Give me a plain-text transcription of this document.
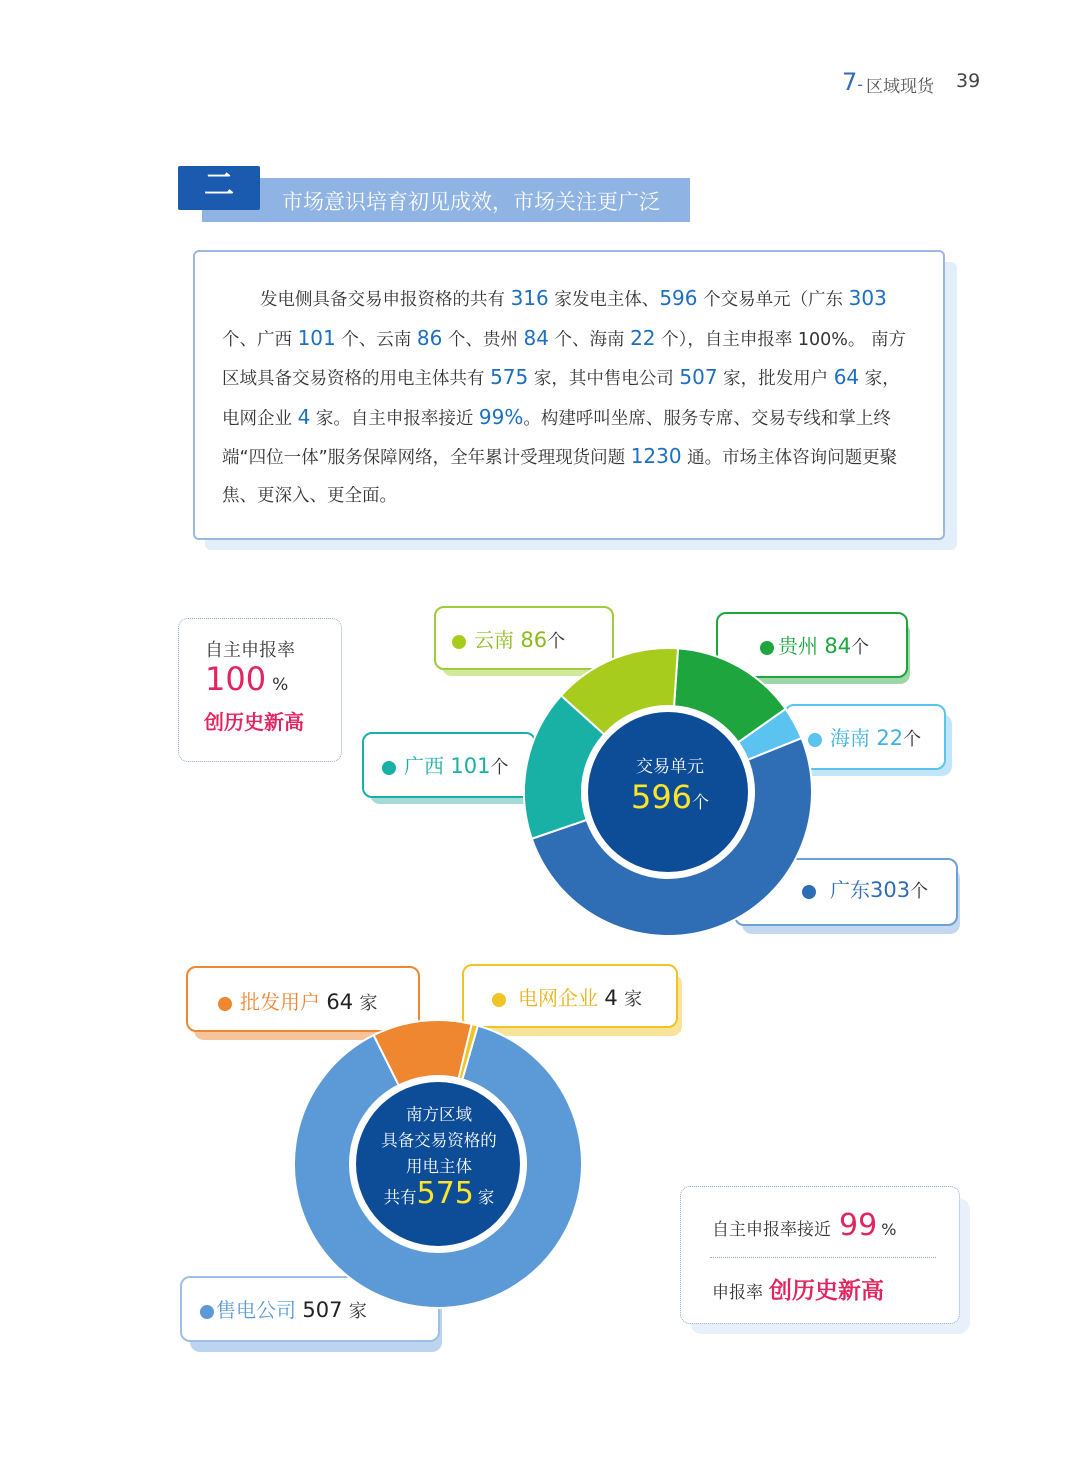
7- 区域现货 39
二	市场意识培育初见成效，市场关注更广泛
发电侧具备交易申报资格的共有 316 家发电主体、596 个交易单元（广东 303 个、广西 101 个、云南 86 个、贵州 84 个、海南 22 个），自主申报率 100%。 南方区域具备交易资格的用电主体共有 575 家，其中售电公司 507 家，批发用户 64 家，电网企业 4 家。自主申报率接近 99%。构建呼叫坐席、服务专席、交易专线和掌上终端“四位一体”服务保障网络，全年累计受理现货问题 1230 通。市场主体咨询问题更聚焦、更深入、更全面。
自主申报率
100 %
创历史新高
自主申报率接近 99 %
申报率 创历史新高
云南 86个	贵州 84个
广西 101个
海南 22个
广东303个
批发用户 64 家	电网企业 4 家
售电公司 507 家
交易单元
596个
南方区域
具备交易资格的
用电主体
共有575 家
